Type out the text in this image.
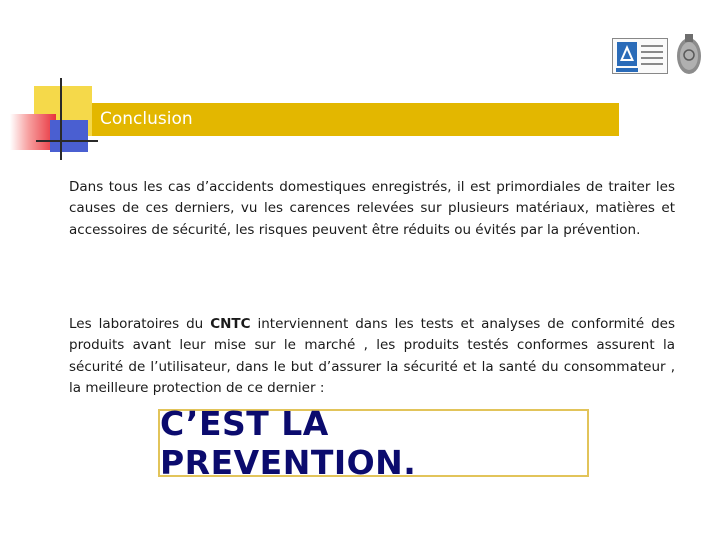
Conclusion

Dans tous les cas d’accidents domestiques enregistrés, il est primordiales de traiter les causes de ces derniers, vu les carences relevées sur plusieurs matériaux, matières et accessoires de sécurité, les risques peuvent être réduits ou évités par la prévention.

Les laboratoires du CNTC interviennent dans les tests et analyses de conformité des produits avant leur mise sur le marché , les produits testés conformes assurent la sécurité de l’utilisateur, dans le but d’assurer la sécurité et la santé du consommateur , la meilleure protection de ce dernier :

C’EST LA PREVENTION.
